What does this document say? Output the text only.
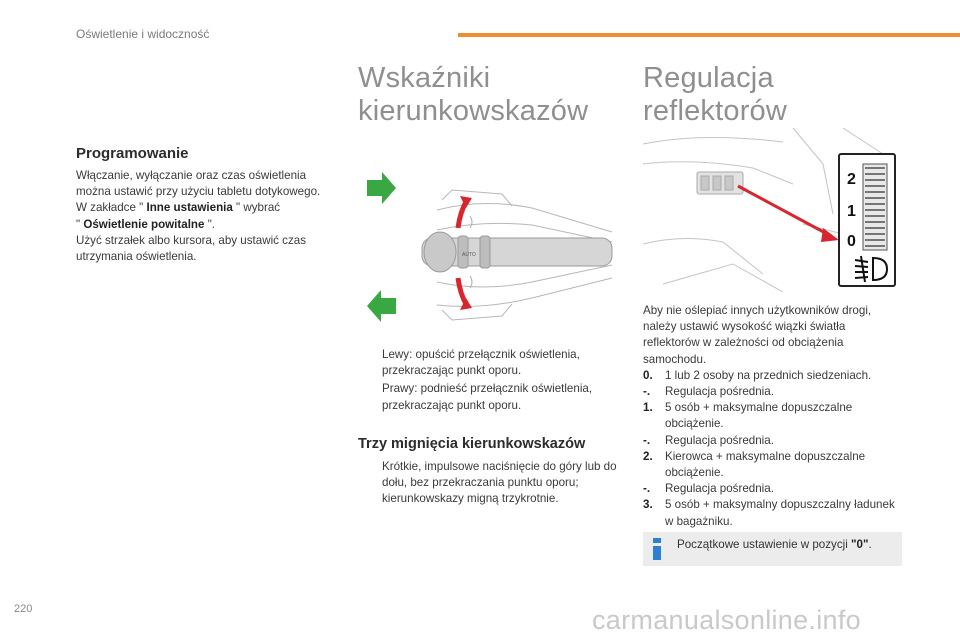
Oświetlenie i widoczność
Wskaźniki
kierunkowskazów
Regulacja
reflektorów
Programowanie
Włączanie, wyłączanie oraz czas oświetlenia
można ustawić przy użyciu tabletu dotykowego.
W zakładce " Inne ustawienia " wybrać
" Oświetlenie powitalne ".
Użyć strzałek albo kursora, aby ustawić czas
utrzymania oświetlenia.	AUTO
Lewy: opuścić przełącznik oświetlenia, przekraczając punkt oporu.
Prawy: podnieść przełącznik oświetlenia, przekraczając punkt oporu.
Trzy mignięcia kierunkowskazów
Krótkie, impulsowe naciśnięcie do góry lub do dołu, bez przekraczania punktu oporu; kierunkowskazy migną trzykrotnie.
2
1
0
Aby nie oślepiać innych użytkowników drogi, należy ustawić wysokość wiązki światła reflektorów w zależności od obciążenia samochodu.
0. 1 lub 2 osoby na przednich siedzeniach.
-. Regulacja pośrednia.
1. 5 osób + maksymalne dopuszczalne obciążenie.
-. Regulacja pośrednia.
2. Kierowca + maksymalne dopuszczalne obciążenie.
-. Regulacja pośrednia.
3. 5 osób + maksymalny dopuszczalny ładunek w bagażniku.
Początkowe ustawienie w pozycji "0".
220	carmanualsonline.info
